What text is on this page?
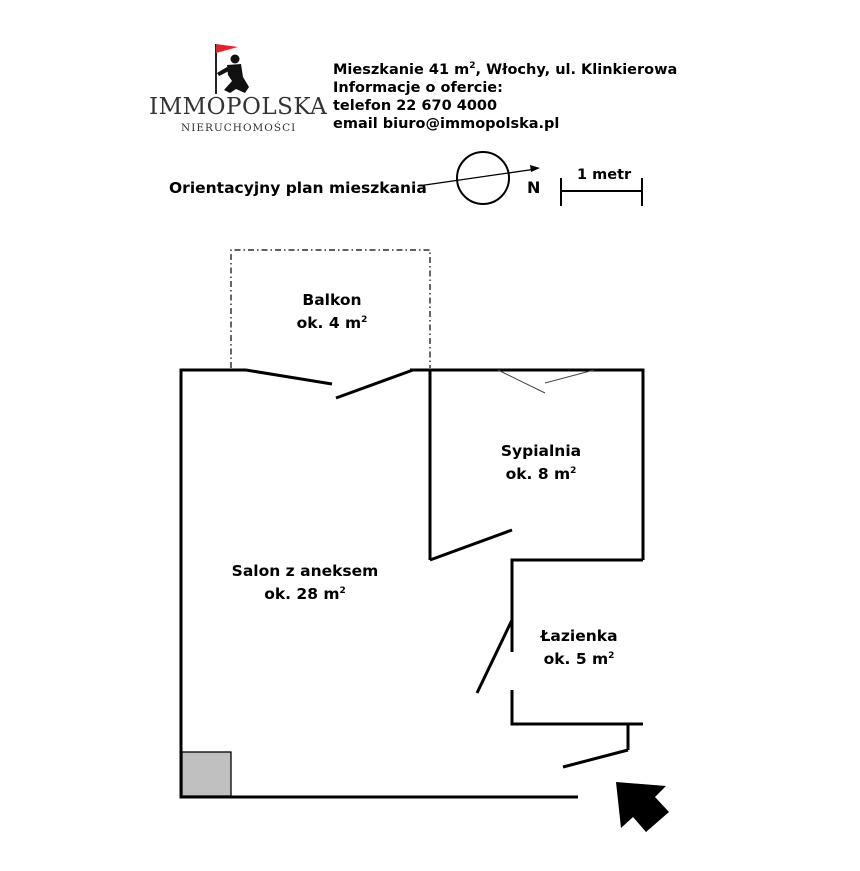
IMMOPOLSKA
NIERUCHOMOŚCI
Mieszkanie 41 $m^2$, Włochy, ul. Klinkierowa
Informacje o ofercie:
telefon 22 670 4000
email biuro@immopolska.pl
Orientacyjny plan mieszkania	N
1 metr
Balkon
ok. 4 $m^2$
Sypialnia
ok. 8 $m^2$
Salon z aneksem
ok. 28 $m^2$
Łazienka
ok. 5 $m^2$
